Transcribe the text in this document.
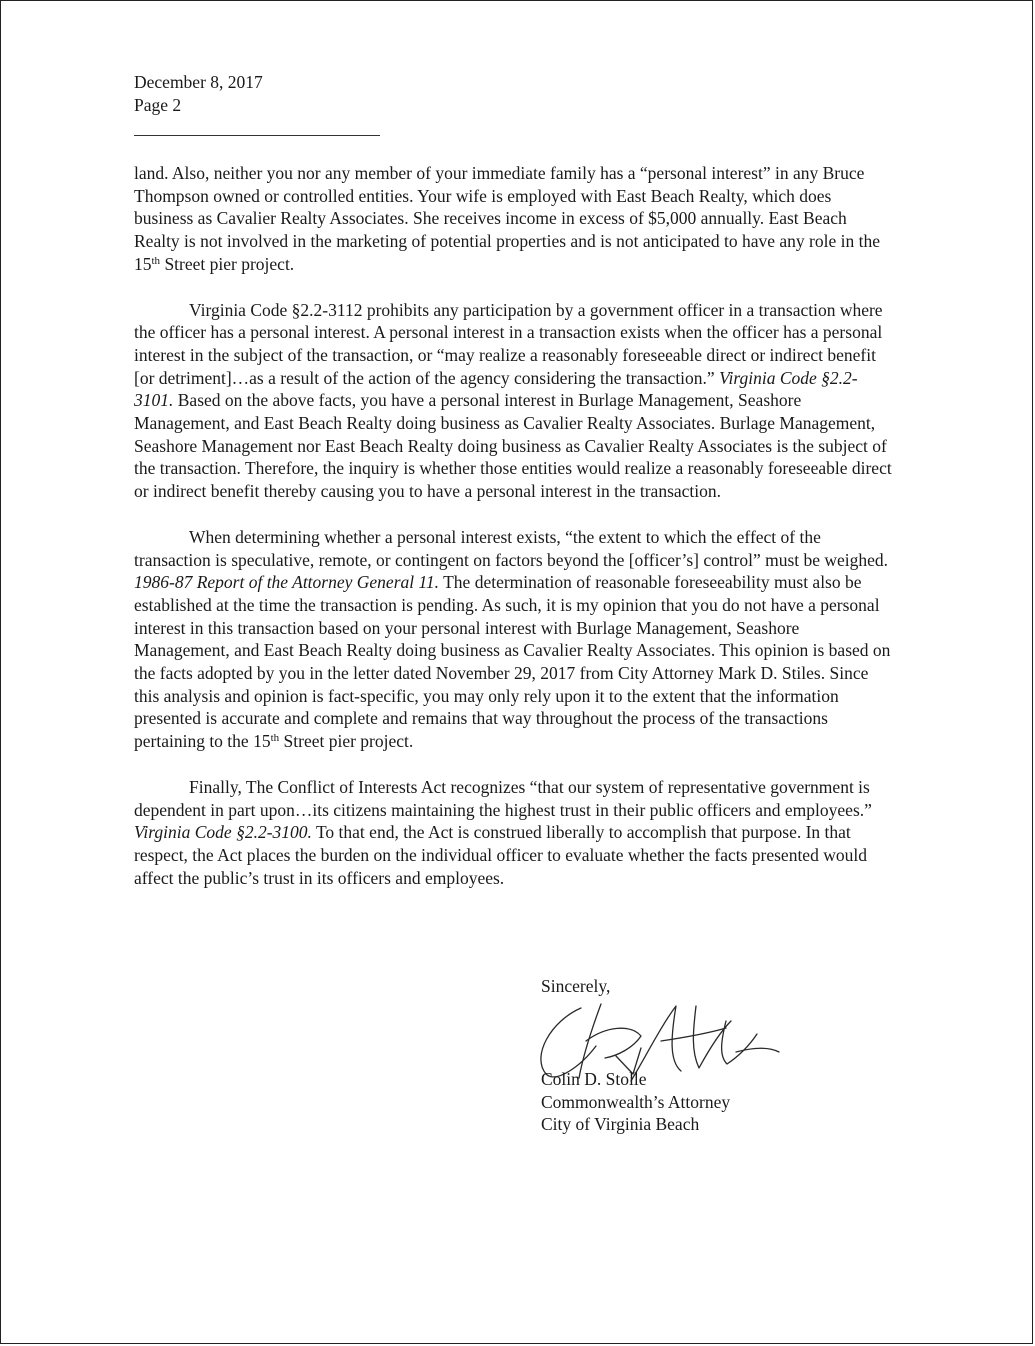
December 8, 2017
Page 2

land. Also, neither you nor any member of your immediate family has a “personal interest” in any Bruce Thompson owned or controlled entities. Your wife is employed with East Beach Realty, which does business as Cavalier Realty Associates. She receives income in excess of $5,000 annually. East Beach Realty is not involved in the marketing of potential properties and is not anticipated to have any role in the 15th Street pier project.

Virginia Code §2.2-3112 prohibits any participation by a government officer in a transaction where the officer has a personal interest. A personal interest in a transaction exists when the officer has a personal interest in the subject of the transaction, or “may realize a reasonably foreseeable direct or indirect benefit [or detriment]…as a result of the action of the agency considering the transaction.” Virginia Code §2.2-3101. Based on the above facts, you have a personal interest in Burlage Management, Seashore Management, and East Beach Realty doing business as Cavalier Realty Associates. Burlage Management, Seashore Management nor East Beach Realty doing business as Cavalier Realty Associates is the subject of the transaction. Therefore, the inquiry is whether those entities would realize a reasonably foreseeable direct or indirect benefit thereby causing you to have a personal interest in the transaction.

When determining whether a personal interest exists, “the extent to which the effect of the transaction is speculative, remote, or contingent on factors beyond the [officer’s] control” must be weighed. 1986-87 Report of the Attorney General 11. The determination of reasonable foreseeability must also be established at the time the transaction is pending. As such, it is my opinion that you do not have a personal interest in this transaction based on your personal interest with Burlage Management, Seashore Management, and East Beach Realty doing business as Cavalier Realty Associates. This opinion is based on the facts adopted by you in the letter dated November 29, 2017 from City Attorney Mark D. Stiles. Since this analysis and opinion is fact-specific, you may only rely upon it to the extent that the information presented is accurate and complete and remains that way throughout the process of the transactions pertaining to the 15th Street pier project.

Finally, The Conflict of Interests Act recognizes “that our system of representative government is dependent in part upon…its citizens maintaining the highest trust in their public officers and employees.” Virginia Code §2.2-3100. To that end, the Act is construed liberally to accomplish that purpose. In that respect, the Act places the burden on the individual officer to evaluate whether the facts presented would affect the public’s trust in its officers and employees.

Sincerely,
Colin D. Stolle
Commonwealth’s Attorney
City of Virginia Beach
